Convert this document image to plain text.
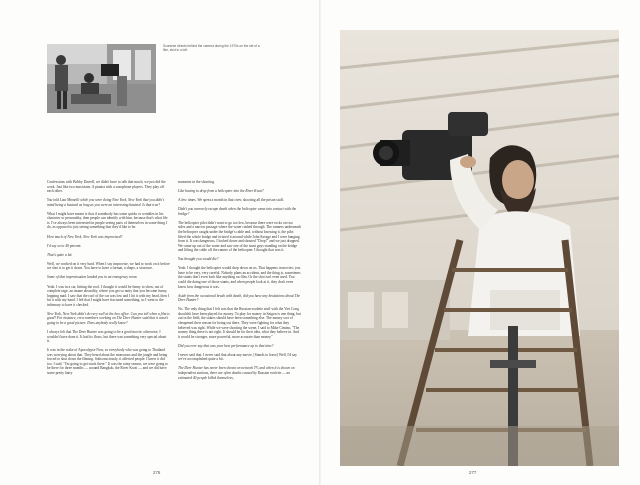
Scorsese directs behind the camera during the 1970s on the set of a film, shot in a loft.

Confessions with Bobby Darrell, we didn't have to talk that much, we just did the work. Just like two musicians. A pianist with a saxophone players. They play off each other.

You told Liza Minnelli while you were doing New York, New York that you didn't mind being a bastard as long as you were an interesting bastard. Is that true?

What I might have meant is that if somebody has some quirks or wrinkles in his character or personality, then people can identify with him, because that's what life is. I've always been interested in people seeing parts of themselves in some-thing I do, as opposed to just seeing something that they'd like to be.

How much of New York, New York was improvised?

I'd say so to 40 percent.

That's quite a bit.

Well, we worked on it very hard. When I say improvise, we had to work on it before we shot it to get it down. You have to have a format, a shape, a structure.

Some of that improvisation landed you in an emergency room.

Yeah. I was in a car, hitting the roof. I thought it would be funny to show, out of complete rage, an insane absurdity, where you get so nutty that you become funny, hopping mad. I saw that the roof of the car was low and I hit it with my head, then I hit it with my hand. I felt that I might have fractured something, so I went to the infirmary to have it checked.

New York, New York didn't do very well at the box office. Can you tell when a film is good? For instance, crew members working on The Deer Hunter said that it wasn't going to be a good picture. Does anybody really know?

I always felt that The Deer Hunter was going to be a good movie; otherwise, I wouldn't have done it. It had its flaws, but there was something very special about it.

It was in the wake of Apocalypse Now, so everybody who was going to Thailand was worrying about that. They heard about the monsoons and the jungle and being forced to shut down the filming. Subconsciously, it affected people. I knew it did too. I said, "I'm going to get stuck there." It was the rainy season, we were going to be there for three months — around Bangkok, the River Kwai — and we did have some pretty hairy

moments in the shooting.

Like having to drop from a helicopter into the River Kwai?

A few times. We spent a month in that river, shooting all the prison stuff.

Didn't you narrowly escape death when the helicopter came into contact with the bridge?

The helicopter pilot didn't want to go too low, because there were rocks on two sides and a narrow passage where the water rushed through. The runners underneath the helicopter caught under the bridge's cable and, without knowing it, the pilot lifted the whole bridge and twisted it around while John Savage and I were hanging from it. It was dangerous. I looked down and shouted "Drop!" and we just dropped. We came up out of the water and saw one of the stunt guys standing on the bridge and lifting the cable off the runner of the helicopter. I thought that was it.

You thought you would die?

Yeah. I thought the helicopter would drop down on us. That happens in movies; you have to be very, very careful. Nobody plans an accident, and the thing is, sometimes the stunts don't even look like anything on film. Or the shot isn't even used. You could die doing one of those stunts, and when people look at it, they don't even know how dangerous it was.

Aside from the occasional brush with death, did you have any hesitations about The Deer Hunter?

No. The only thing that I felt was that the Russian-roulette stuff with the Viet Cong shouldn't have been played for money. To play for money in Saigon is one thing, but out in the field, the stakes should have been something else. The money sort of cheapened their reason for being out there. They were fighting for what they believed was right. While we were shooting the scene, I said to Mike Cimino, "The money thing there is not right. It should be for their idea, what they believe in. And it would be stronger, more powerful, more accurate than money."

Did you ever say that was your best performance up to that time?

I never said that. I never said that about any movie. [Stands to leave] Well, I'd say we've accomplished quite a bit.

The Deer Hunter has never been shown on network TV, and when it is shown on independent stations, there are often deaths caused by Russian roulette — an estimated 40 people killed themselves,

276	277
